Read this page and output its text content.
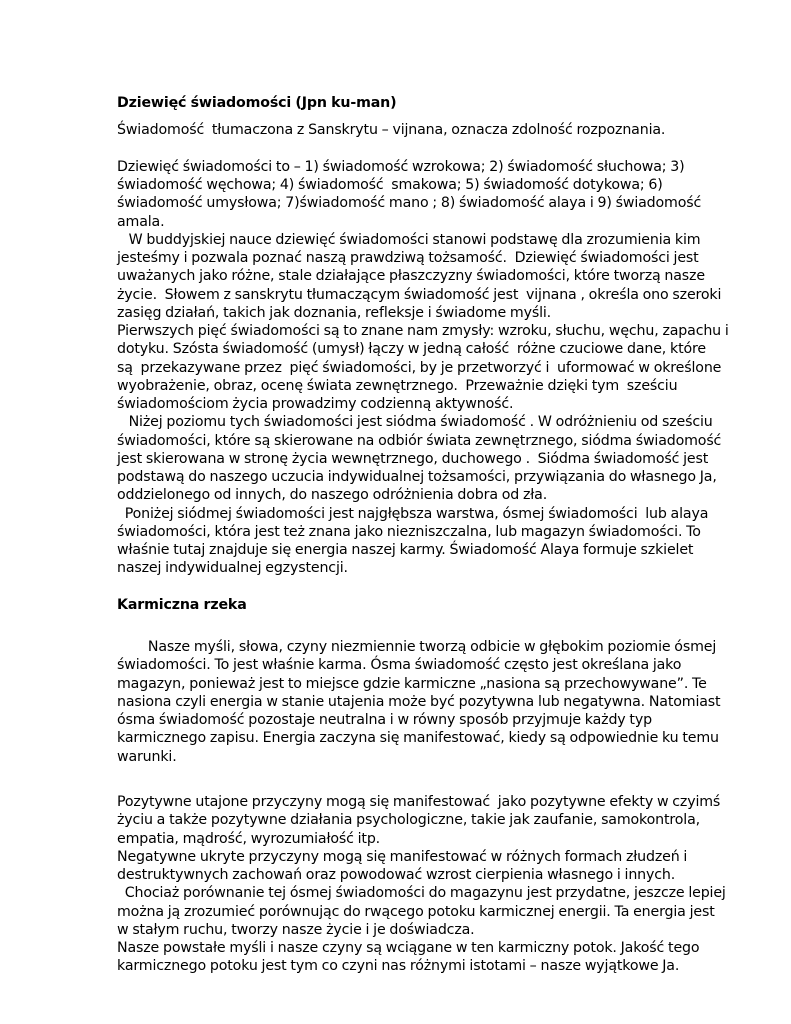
Dziewięć świadomości (Jpn ku-man)
Świadomość  tłumaczona z Sanskrytu – vijnana, oznacza zdolność rozpoznania.
Dziewięć świadomości to – 1) świadomość wzrokowa; 2) świadomość słuchowa; 3)
świadomość węchowa; 4) świadomość  smakowa; 5) świadomość dotykowa; 6)
świadomość umysłowa; 7)świadomość mano ; 8) świadomość alaya i 9) świadomość
amala.
W buddyjskiej nauce dziewięć świadomości stanowi podstawę dla zrozumienia kim
jesteśmy i pozwala poznać naszą prawdziwą tożsamość.  Dziewięć świadomości jest
uważanych jako różne, stale działające płaszczyzny świadomości, które tworzą nasze
życie.  Słowem z sanskrytu tłumaczącym świadomość jest  vijnana , określa ono szeroki
zasięg działań, takich jak doznania, refleksje i świadome myśli.
Pierwszych pięć świadomości są to znane nam zmysły: wzroku, słuchu, węchu, zapachu i
dotyku. Szósta świadomość (umysł) łączy w jedną całość  różne czuciowe dane, które
są  przekazywane przez  pięć świadomości, by je przetworzyć i  uformować w określone
wyobrażenie, obraz, ocenę świata zewnętrznego.  Przeważnie dzięki tym  sześciu
świadomościom życia prowadzimy codzienną aktywność.
Niżej poziomu tych świadomości jest siódma świadomość . W odróżnieniu od sześciu
świadomości, które są skierowane na odbiór świata zewnętrznego, siódma świadomość
jest skierowana w stronę życia wewnętrznego, duchowego .  Siódma świadomość jest
podstawą do naszego uczucia indywidualnej tożsamości, przywiązania do własnego Ja,
oddzielonego od innych, do naszego odróżnienia dobra od zła.
Poniżej siódmej świadomości jest najgłębsza warstwa, ósmej świadomości  lub alaya
świadomości, która jest też znana jako niezniszczalna, lub magazyn świadomości. To
właśnie tutaj znajduje się energia naszej karmy. Świadomość Alaya formuje szkielet
naszej indywidualnej egzystencji.
Karmiczna rzeka
Nasze myśli, słowa, czyny niezmiennie tworzą odbicie w głębokim poziomie ósmej
świadomości. To jest właśnie karma. Ósma świadomość często jest określana jako
magazyn, ponieważ jest to miejsce gdzie karmiczne „nasiona są przechowywane”. Te
nasiona czyli energia w stanie utajenia może być pozytywna lub negatywna. Natomiast
ósma świadomość pozostaje neutralna i w równy sposób przyjmuje każdy typ
karmicznego zapisu. Energia zaczyna się manifestować, kiedy są odpowiednie ku temu
warunki.
Pozytywne utajone przyczyny mogą się manifestować  jako pozytywne efekty w czyimś
życiu a także pozytywne działania psychologiczne, takie jak zaufanie, samokontrola,
empatia, mądrość, wyrozumiałość itp.
Negatywne ukryte przyczyny mogą się manifestować w różnych formach złudzeń i
destruktywnych zachowań oraz powodować wzrost cierpienia własnego i innych.
Chociaż porównanie tej ósmej świadomości do magazynu jest przydatne, jeszcze lepiej
można ją zrozumieć porównując do rwącego potoku karmicznej energii. Ta energia jest
w stałym ruchu, tworzy nasze życie i je doświadcza.
Nasze powstałe myśli i nasze czyny są wciągane w ten karmiczny potok. Jakość tego
karmicznego potoku jest tym co czyni nas różnymi istotami – nasze wyjątkowe Ja.
